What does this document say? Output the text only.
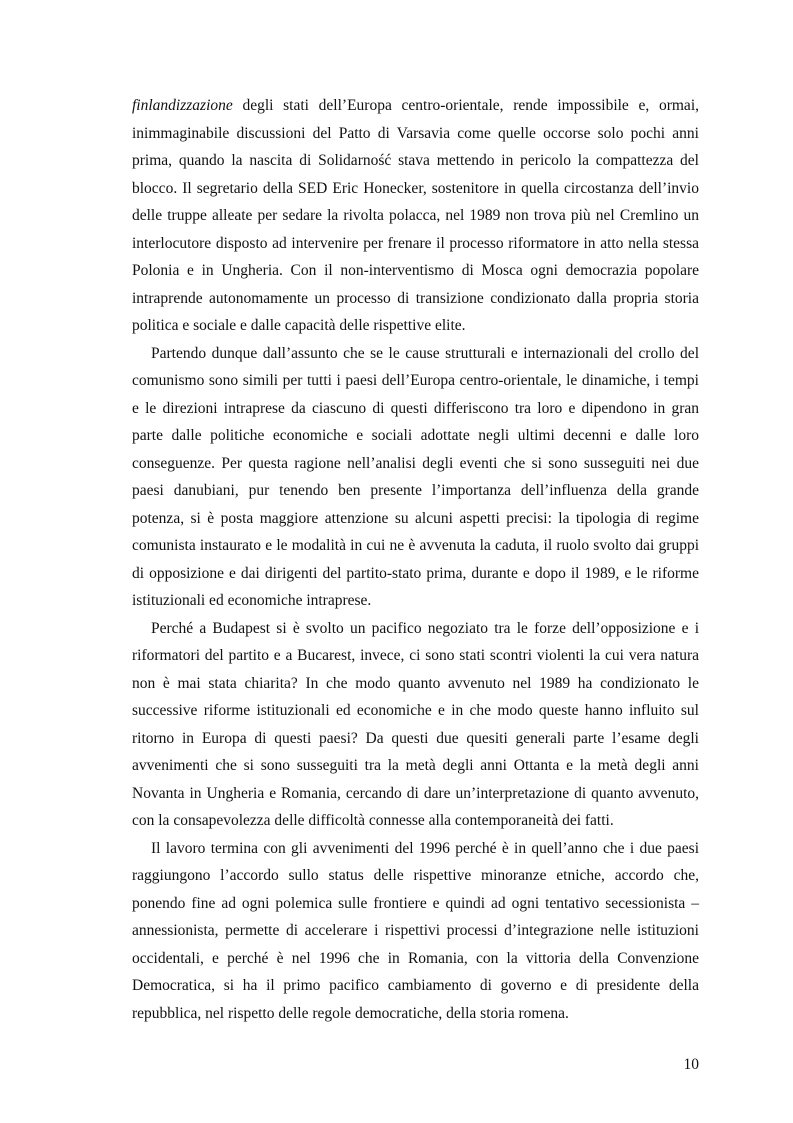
finlandizzazione degli stati dell’Europa centro-orientale, rende impossibile e, ormai, inimmaginabile discussioni del Patto di Varsavia come quelle occorse solo pochi anni prima, quando la nascita di Solidarność stava mettendo in pericolo la compattezza del blocco. Il segretario della SED Eric Honecker, sostenitore in quella circostanza dell’invio delle truppe alleate per sedare la rivolta polacca, nel 1989 non trova più nel Cremlino un interlocutore disposto ad intervenire per frenare il processo riformatore in atto nella stessa Polonia e in Ungheria. Con il non-interventismo di Mosca ogni democrazia popolare intraprende autonomamente un processo di transizione condizionato dalla propria storia politica e sociale e dalle capacità delle rispettive elite.

Partendo dunque dall’assunto che se le cause strutturali e internazionali del crollo del comunismo sono simili per tutti i paesi dell’Europa centro-orientale, le dinamiche, i tempi e le direzioni intraprese da ciascuno di questi differiscono tra loro e dipendono in gran parte dalle politiche economiche e sociali adottate negli ultimi decenni e dalle loro conseguenze. Per questa ragione nell’analisi degli eventi che si sono susseguiti nei due paesi danubiani, pur tenendo ben presente l’importanza dell’influenza della grande potenza, si è posta maggiore attenzione su alcuni aspetti precisi: la tipologia di regime comunista instaurato e le modalità in cui ne è avvenuta la caduta, il ruolo svolto dai gruppi di opposizione e dai dirigenti del partito-stato prima, durante e dopo il 1989, e le riforme istituzionali ed economiche intraprese.

Perché a Budapest si è svolto un pacifico negoziato tra le forze dell’opposizione e i riformatori del partito e a Bucarest, invece, ci sono stati scontri violenti la cui vera natura non è mai stata chiarita? In che modo quanto avvenuto nel 1989 ha condizionato le successive riforme istituzionali ed economiche e in che modo queste hanno influito sul ritorno in Europa di questi paesi? Da questi due quesiti generali parte l’esame degli avvenimenti che si sono susseguiti tra la metà degli anni Ottanta e la metà degli anni Novanta in Ungheria e Romania, cercando di dare un’interpretazione di quanto avvenuto, con la consapevolezza delle difficoltà connesse alla contemporaneità dei fatti.

Il lavoro termina con gli avvenimenti del 1996 perché è in quell’anno che i due paesi raggiungono l’accordo sullo status delle rispettive minoranze etniche, accordo che, ponendo fine ad ogni polemica sulle frontiere e quindi ad ogni tentativo secessionista – annessionista, permette di accelerare i rispettivi processi d’integrazione nelle istituzioni occidentali, e perché è nel 1996 che in Romania, con la vittoria della Convenzione Democratica, si ha il primo pacifico cambiamento di governo e di presidente della repubblica, nel rispetto delle regole democratiche, della storia romena.

10
